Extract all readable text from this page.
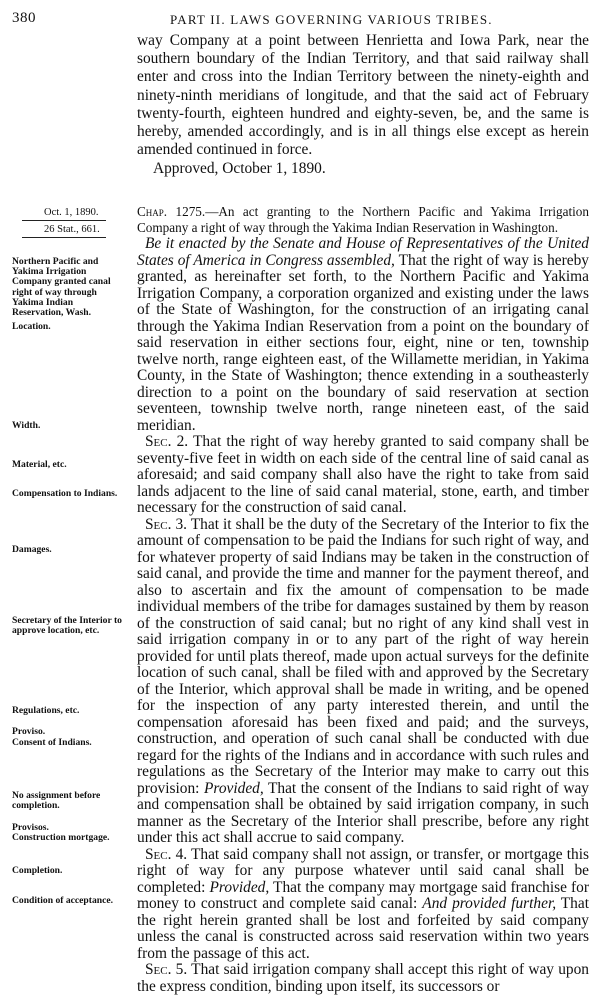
380	PART II. LAWS GOVERNING VARIOUS TRIBES.

way Company at a point between Henrietta and Iowa Park, near the southern boundary of the Indian Territory, and that said railway shall enter and cross into the Indian Territory between the ninety-eighth and ninety-ninth meridians of longitude, and that the said act of February twenty-fourth, eighteen hundred and eighty-seven, be, and the same is hereby, amended accordingly, and is in all things else except as herein amended continued in force.

Approved, October 1, 1890.

Oct. 1, 1890.
26 Stat., 661.

Chap. 1275.—An act granting to the Northern Pacific and Yakima Irrigation Company a right of way through the Yakima Indian Reservation in Washington.

Be it enacted by the Senate and House of Representatives of the United States of America in Congress assembled, That the right of way is hereby granted, as hereinafter set forth, to the Northern Pacific and Yakima Irrigation Company, a corporation organized and existing under the laws of the State of Washington, for the construction of an irrigating canal through the Yakima Indian Reservation from a point on the boundary of said reservation in either sections four, eight, nine or ten, township twelve north, range eighteen east, of the Willamette meridian, in Yakima County, in the State of Washington; thence extending in a southeasterly direction to a point on the boundary of said reservation at section seventeen, township twelve north, range nineteen east, of the said meridian.

Sec. 2. That the right of way hereby granted to said company shall be seventy-five feet in width on each side of the central line of said canal as aforesaid; and said company shall also have the right to take from said lands adjacent to the line of said canal material, stone, earth, and timber necessary for the construction of said canal.

Sec. 3. That it shall be the duty of the Secretary of the Interior to fix the amount of compensation to be paid the Indians for such right of way, and for whatever property of said Indians may be taken in the construction of said canal, and provide the time and manner for the payment thereof, and also to ascertain and fix the amount of compensation to be made individual members of the tribe for damages sustained by them by reason of the construction of said canal; but no right of any kind shall vest in said irrigation company in or to any part of the right of way herein provided for until plats thereof, made upon actual surveys for the definite location of such canal, shall be filed with and approved by the Secretary of the Interior, which approval shall be made in writing, and be opened for the inspection of any party interested therein, and until the compensation aforesaid has been fixed and paid; and the surveys, construction, and operation of such canal shall be conducted with due regard for the rights of the Indians and in accordance with such rules and regulations as the Secretary of the Interior may make to carry out this provision: Provided, That the consent of the Indians to said right of way and compensation shall be obtained by said irrigation company, in such manner as the Secretary of the Interior shall prescribe, before any right under this act shall accrue to said company.

Sec. 4. That said company shall not assign, or transfer, or mortgage this right of way for any purpose whatever until said canal shall be completed: Provided, That the company may mortgage said franchise for money to construct and complete said canal: And provided further, That the right herein granted shall be lost and forfeited by said company unless the canal is constructed across said reservation within two years from the passage of this act.

Sec. 5. That said irrigation company shall accept this right of way upon the express condition, binding upon itself, its successors or

Northern Pacific and Yakima Irrigation Company granted canal right of way through Yakima Indian Reservation, Wash.
Location.
Width.
Material, etc.
Compensation to Indians.
Damages.
Secretary of the Interior to approve location, etc.
Regulations, etc.
Proviso.
Consent of Indians.
No assignment before completion.
Provisos.
Construction mortgage.
Completion.
Condition of acceptance.
